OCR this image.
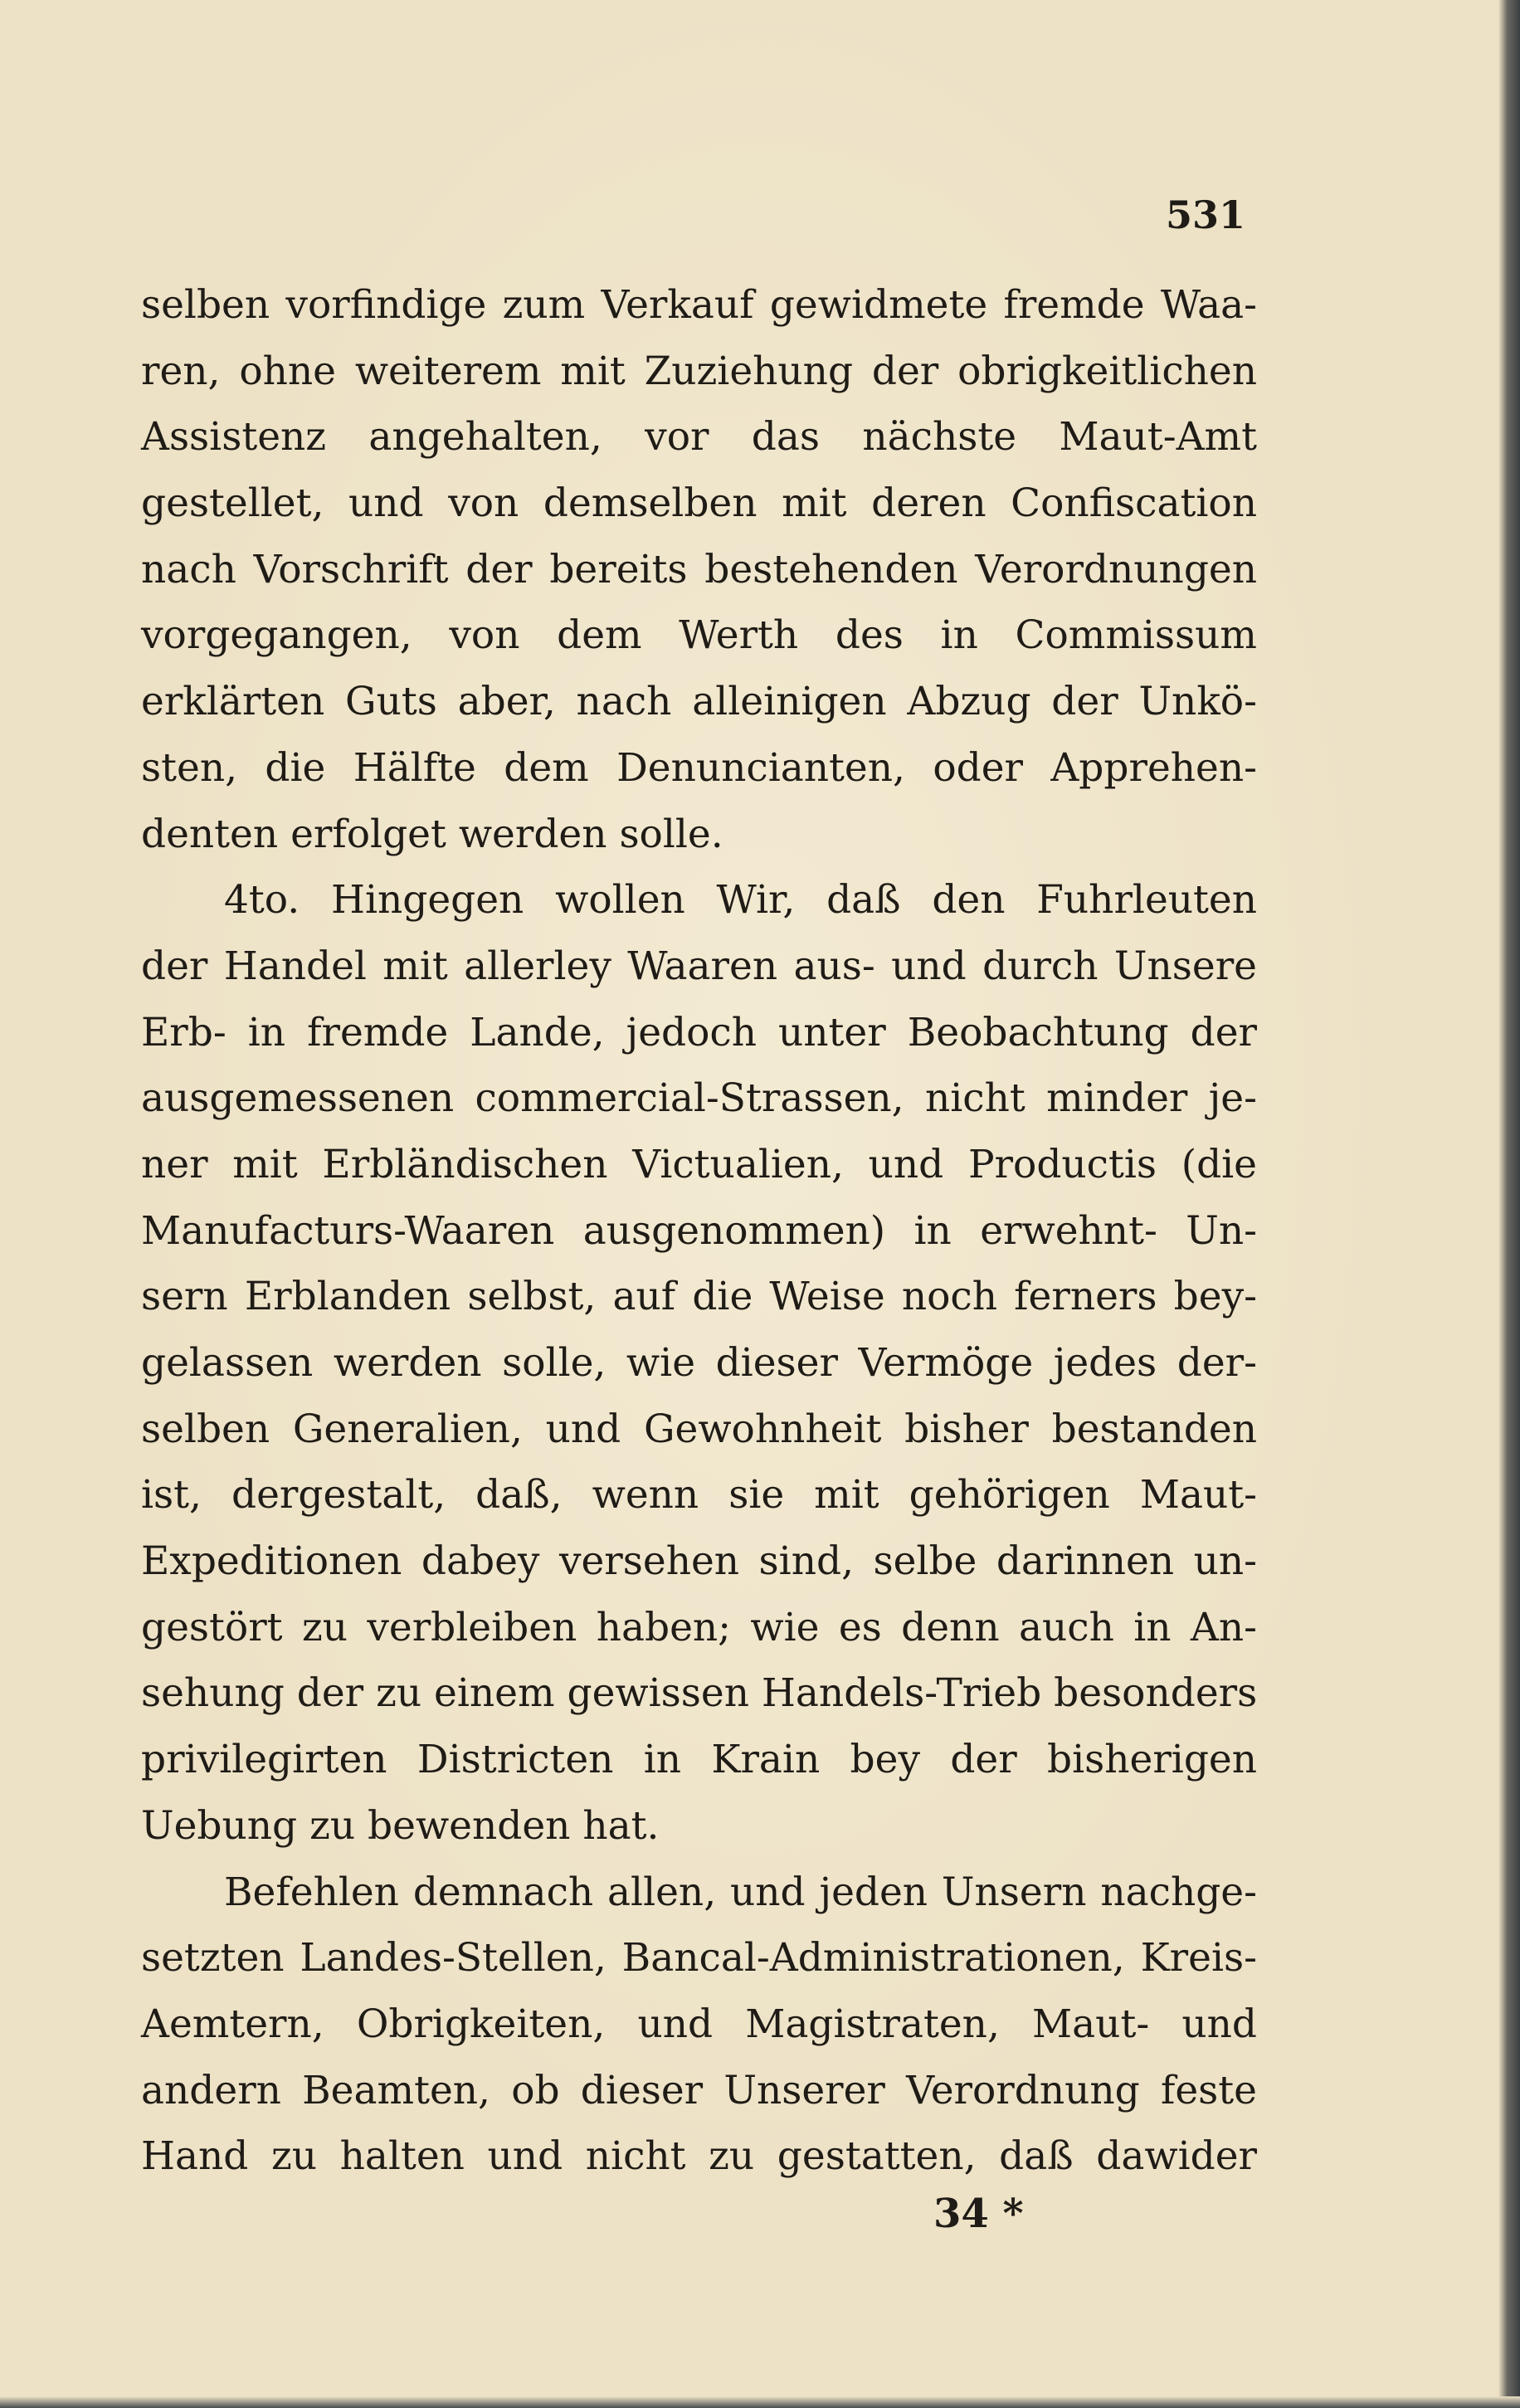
531
selben vorfindige zum Verkauf gewidmete fremde Waa-
ren, ohne weiterem mit Zuziehung der obrigkeitlichen
Assistenz angehalten, vor das nächste Maut-Amt
gestellet, und von demselben mit deren Confiscation
nach Vorschrift der bereits bestehenden Verordnungen
vorgegangen, von dem Werth des in Commissum
erklärten Guts aber, nach alleinigen Abzug der Unkö-
sten, die Hälfte dem Denuncianten, oder Apprehen-
denten erfolget werden solle.
4to. Hingegen wollen Wir, daß den Fuhrleuten
der Handel mit allerley Waaren aus- und durch Unsere
Erb- in fremde Lande, jedoch unter Beobachtung der
ausgemessenen commercial-Strassen, nicht minder je-
ner mit Erbländischen Victualien, und Productis (die
Manufacturs-Waaren ausgenommen) in erwehnt- Un-
sern Erblanden selbst, auf die Weise noch ferners bey-
gelassen werden solle, wie dieser Vermöge jedes der-
selben Generalien, und Gewohnheit bisher bestanden
ist, dergestalt, daß, wenn sie mit gehörigen Maut-
Expeditionen dabey versehen sind, selbe darinnen un-
gestört zu verbleiben haben; wie es denn auch in An-
sehung der zu einem gewissen Handels-Trieb besonders
privilegirten Districten in Krain bey der bisherigen
Uebung zu bewenden hat.
Befehlen demnach allen, und jeden Unsern nachge-
setzten Landes-Stellen, Bancal-Administrationen, Kreis-
Aemtern, Obrigkeiten, und Magistraten, Maut- und
andern Beamten, ob dieser Unserer Verordnung feste
Hand zu halten und nicht zu gestatten, daß dawider
34 *
